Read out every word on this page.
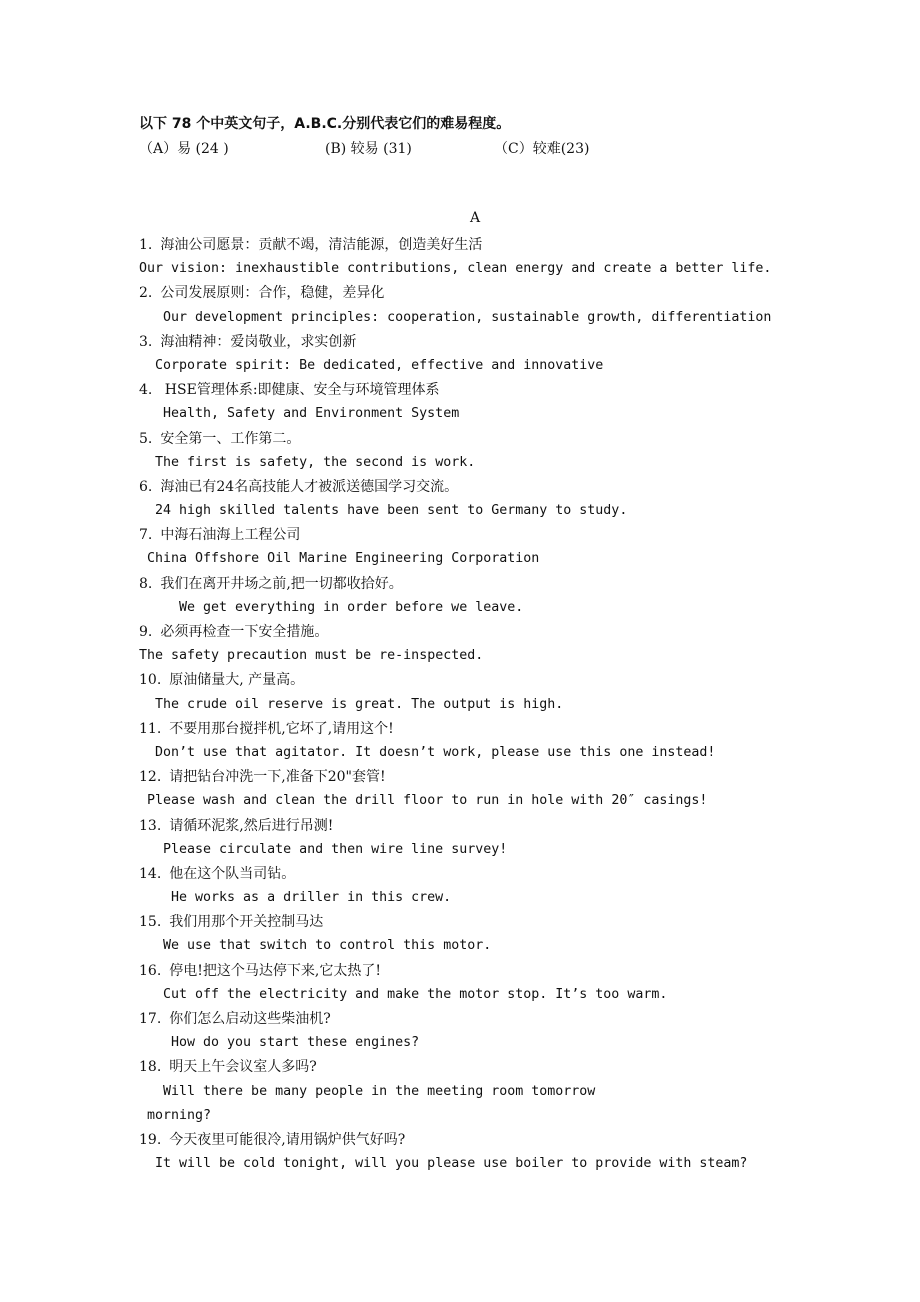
以下 78 个中英文句子，A.B.C.分别代表它们的难易程度。
（A）易 (24 )	(B) 较易 (31)	（C）较难(23)
A
1. 海油公司愿景：贡献不竭，清洁能源，创造美好生活
Our vision: inexhaustible contributions, clean energy and create a better life.
2. 公司发展原则：合作，稳健，差异化
Our development principles: cooperation, sustainable growth, differentiation
3. 海油精神：爱岗敬业，求实创新
Corporate spirit: Be dedicated, effective and innovative
4. HSE管理体系:即健康、安全与环境管理体系
Health, Safety and Environment System
5. 安全第一、工作第二。
The first is safety, the second is work.
6. 海油已有24名高技能人才被派送德国学习交流。
24 high skilled talents have been sent to Germany to study.
7. 中海石油海上工程公司
China Offshore Oil Marine Engineering Corporation
8. 我们在离开井场之前,把一切都收拾好。
We get everything in order before we leave.
9. 必须再检查一下安全措施。
The safety precaution must be re-inspected.
10. 原油储量大, 产量高。
The crude oil reserve is great. The output is high.
11. 不要用那台搅拌机,它坏了,请用这个!
Don’t use that agitator. It doesn’t work, please use this one instead!
12. 请把钻台冲洗一下,准备下20"套管!
Please wash and clean the drill floor to run in hole with 20″ casings!
13. 请循环泥浆,然后进行吊测!
Please circulate and then wire line survey!
14. 他在这个队当司钻。
He works as a driller in this crew.
15. 我们用那个开关控制马达
We use that switch to control this motor.
16. 停电!把这个马达停下来,它太热了!
Cut off the electricity and make the motor stop. It’s too warm.
17. 你们怎么启动这些柴油机?
How do you start these engines?
18. 明天上午会议室人多吗?
Will there be many people in the meeting room tomorrow
morning?
19. 今天夜里可能很冷,请用锅炉供气好吗?
It will be cold tonight, will you please use boiler to provide with steam?
